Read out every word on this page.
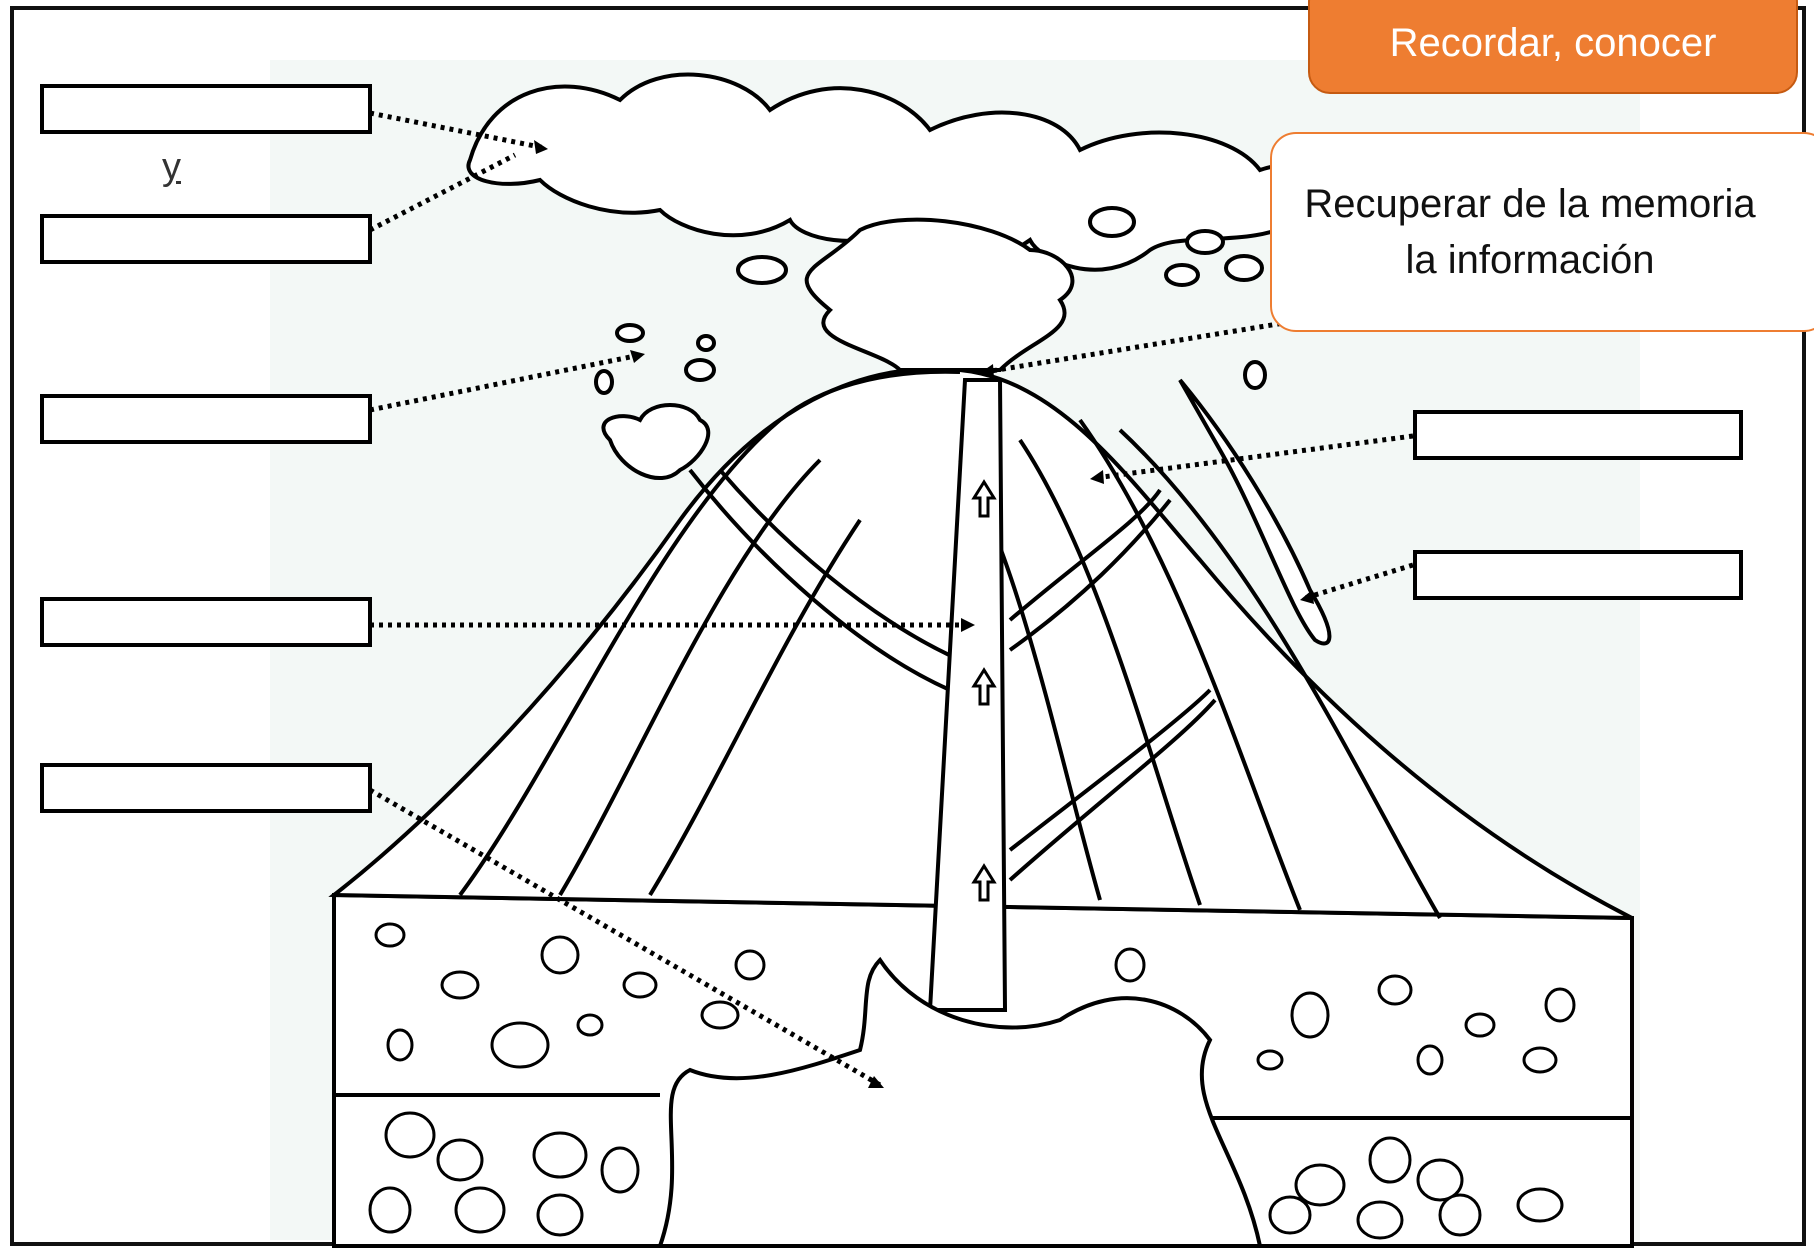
y
Recordar, conocer
Recuperar de la memoria
la información
